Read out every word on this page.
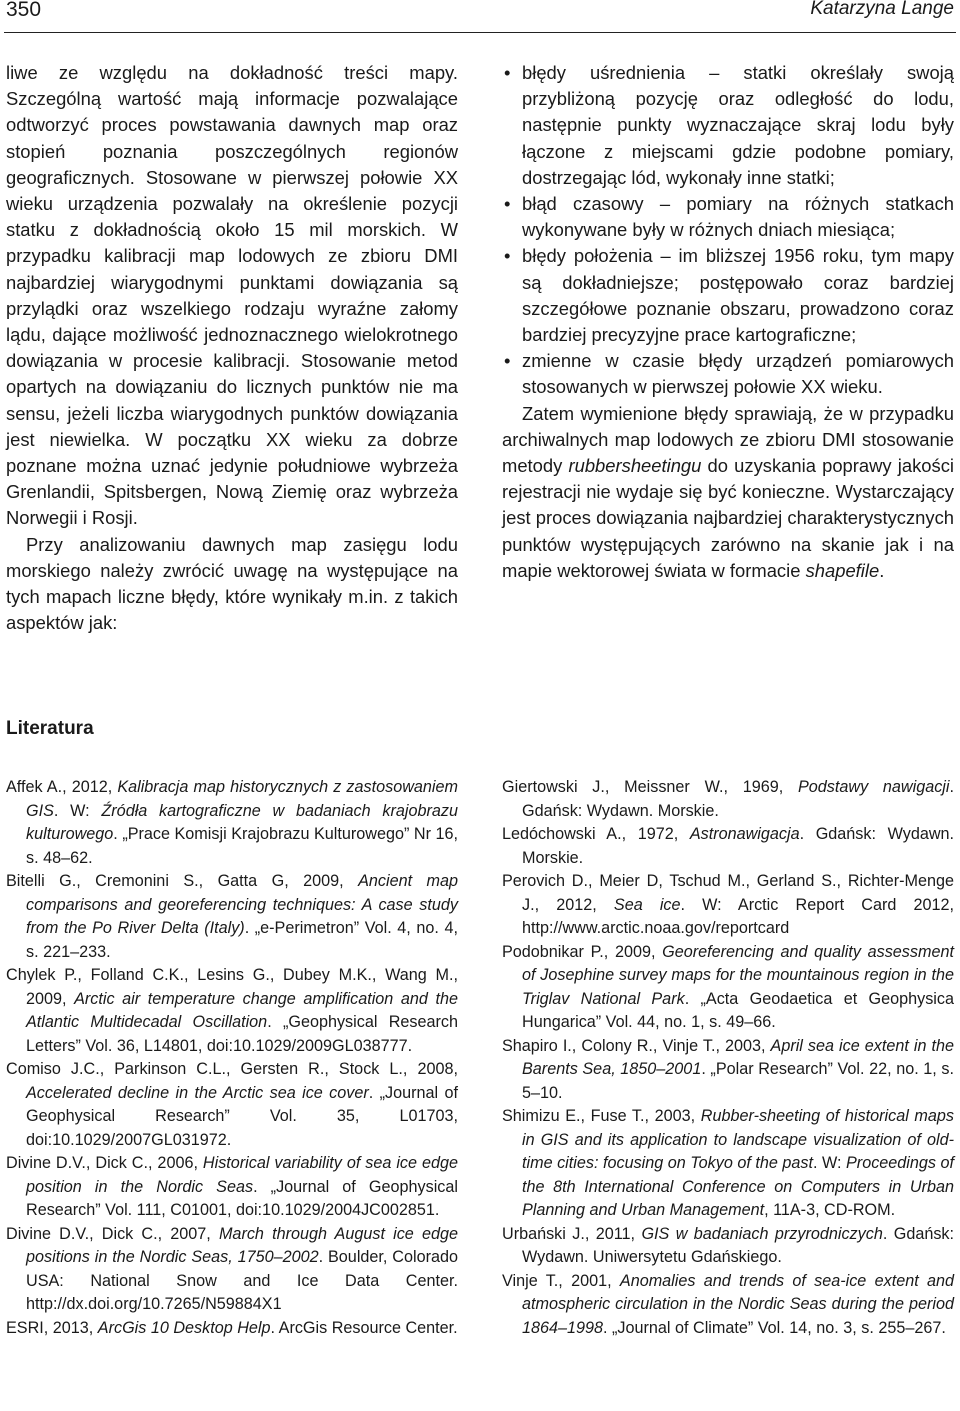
350	Katarzyna Lange

liwe ze względu na dokładność treści mapy. Szczególną wartość mają informacje pozwalające odtworzyć proces powstawania dawnych map oraz stopień poznania poszczególnych regionów geograficznych. Stosowane w pierwszej połowie XX wieku urządzenia pozwalały na określenie pozycji statku z dokładnością około 15 mil morskich. W przypadku kalibracji map lodowych ze zbioru DMI najbardziej wiarygodnymi punktami dowiązania są przylądki oraz wszelkiego rodzaju wyraźne załomy lądu, dające możliwość jednoznacznego wielokrotnego dowiązania w procesie kalibracji. Stosowanie metod opartych na dowiązaniu do licznych punktów nie ma sensu, jeżeli liczba wiarygodnych punktów dowiązania jest niewielka. W początku XX wieku za dobrze poznane można uznać jedynie południowe wybrzeża Grenlandii, Spitsbergen, Nową Ziemię oraz wybrzeża Norwegii i Rosji.

Przy analizowaniu dawnych map zasięgu lodu morskiego należy zwrócić uwagę na występujące na tych mapach liczne błędy, które wynikały m.in. z takich aspektów jak:

• błędy uśrednienia – statki określały swoją przybliżoną pozycję oraz odległość do lodu, następnie punkty wyznaczające skraj lodu były łączone z miejscami gdzie podobne pomiary, dostrzegając lód, wykonały inne statki;

• błąd czasowy – pomiary na różnych statkach wykonywane były w różnych dniach miesiąca;

• błędy położenia – im bliższej 1956 roku, tym mapy są dokładniejsze; postępowało coraz bardziej szczegółowe poznanie obszaru, prowadzono coraz bardziej precyzyjne prace kartograficzne;

• zmienne w czasie błędy urządzeń pomiarowych stosowanych w pierwszej połowie XX wieku.

Zatem wymienione błędy sprawiają, że w przypadku archiwalnych map lodowych ze zbioru DMI stosowanie metody rubbersheetingu do uzyskania poprawy jakości rejestracji nie wydaje się być konieczne. Wystarczający jest proces dowiązania najbardziej charakterystycznych punktów występujących zarówno na skanie jak i na mapie wektorowej świata w formacie shapefile.

Literatura

Affek A., 2012, Kalibracja map historycznych z zastosowaniem GIS. W: Źródła kartograficzne w badaniach krajobrazu kulturowego. „Prace Komisji Krajobrazu Kulturowego” Nr 16, s. 48–62.

Bitelli G., Cremonini S., Gatta G, 2009, Ancient map comparisons and georeferencing techniques: A case study from the Po River Delta (Italy). „e-Perimetron” Vol. 4, no. 4, s. 221–233.

Chylek P., Folland C.K., Lesins G., Dubey M.K., Wang M., 2009, Arctic air temperature change amplification and the Atlantic Multidecadal Oscillation. „Geophysical Research Letters” Vol. 36, L14801, doi:10.1029/2009GL038777.

Comiso J.C., Parkinson C.L., Gersten R., Stock L., 2008, Accelerated decline in the Arctic sea ice cover. „Journal of Geophysical Research” Vol. 35, L01703, doi:10.1029/2007GL031972.

Divine D.V., Dick C., 2006, Historical variability of sea ice edge position in the Nordic Seas. „Journal of Geophysical Research” Vol. 111, C01001, doi:10.1029/2004JC002851.

Divine D.V., Dick C., 2007, March through August ice edge positions in the Nordic Seas, 1750–2002. Boulder, Colorado USA: National Snow and Ice Data Center. http://dx.doi.org/10.7265/N59884X1

ESRI, 2013, ArcGis 10 Desktop Help. ArcGis Resource Center.

Giertowski J., Meissner W., 1969, Podstawy nawigacji. Gdańsk: Wydawn. Morskie.

Ledóchowski A., 1972, Astronawigacja. Gdańsk: Wydawn. Morskie.

Perovich D., Meier D, Tschud M., Gerland S., Richter-Menge J., 2012, Sea ice. W: Arctic Report Card 2012, http://www.arctic.noaa.gov/reportcard

Podobnikar P., 2009, Georeferencing and quality assessment of Josephine survey maps for the mountainous region in the Triglav National Park. „Acta Geodaetica et Geophysica Hungarica” Vol. 44, no. 1, s. 49–66.

Shapiro I., Colony R., Vinje T., 2003, April sea ice extent in the Barents Sea, 1850–2001. „Polar Research” Vol. 22, no. 1, s. 5–10.

Shimizu E., Fuse T., 2003, Rubber-sheeting of historical maps in GIS and its application to landscape visualization of old-time cities: focusing on Tokyo of the past. W: Proceedings of the 8th International Conference on Computers in Urban Planning and Urban Management, 11A-3, CD-ROM.

Urbański J., 2011, GIS w badaniach przyrodniczych. Gdańsk: Wydawn. Uniwersytetu Gdańskiego.

Vinje T., 2001, Anomalies and trends of sea-ice extent and atmospheric circulation in the Nordic Seas during the period 1864–1998. „Journal of Climate” Vol. 14, no. 3, s. 255–267.
